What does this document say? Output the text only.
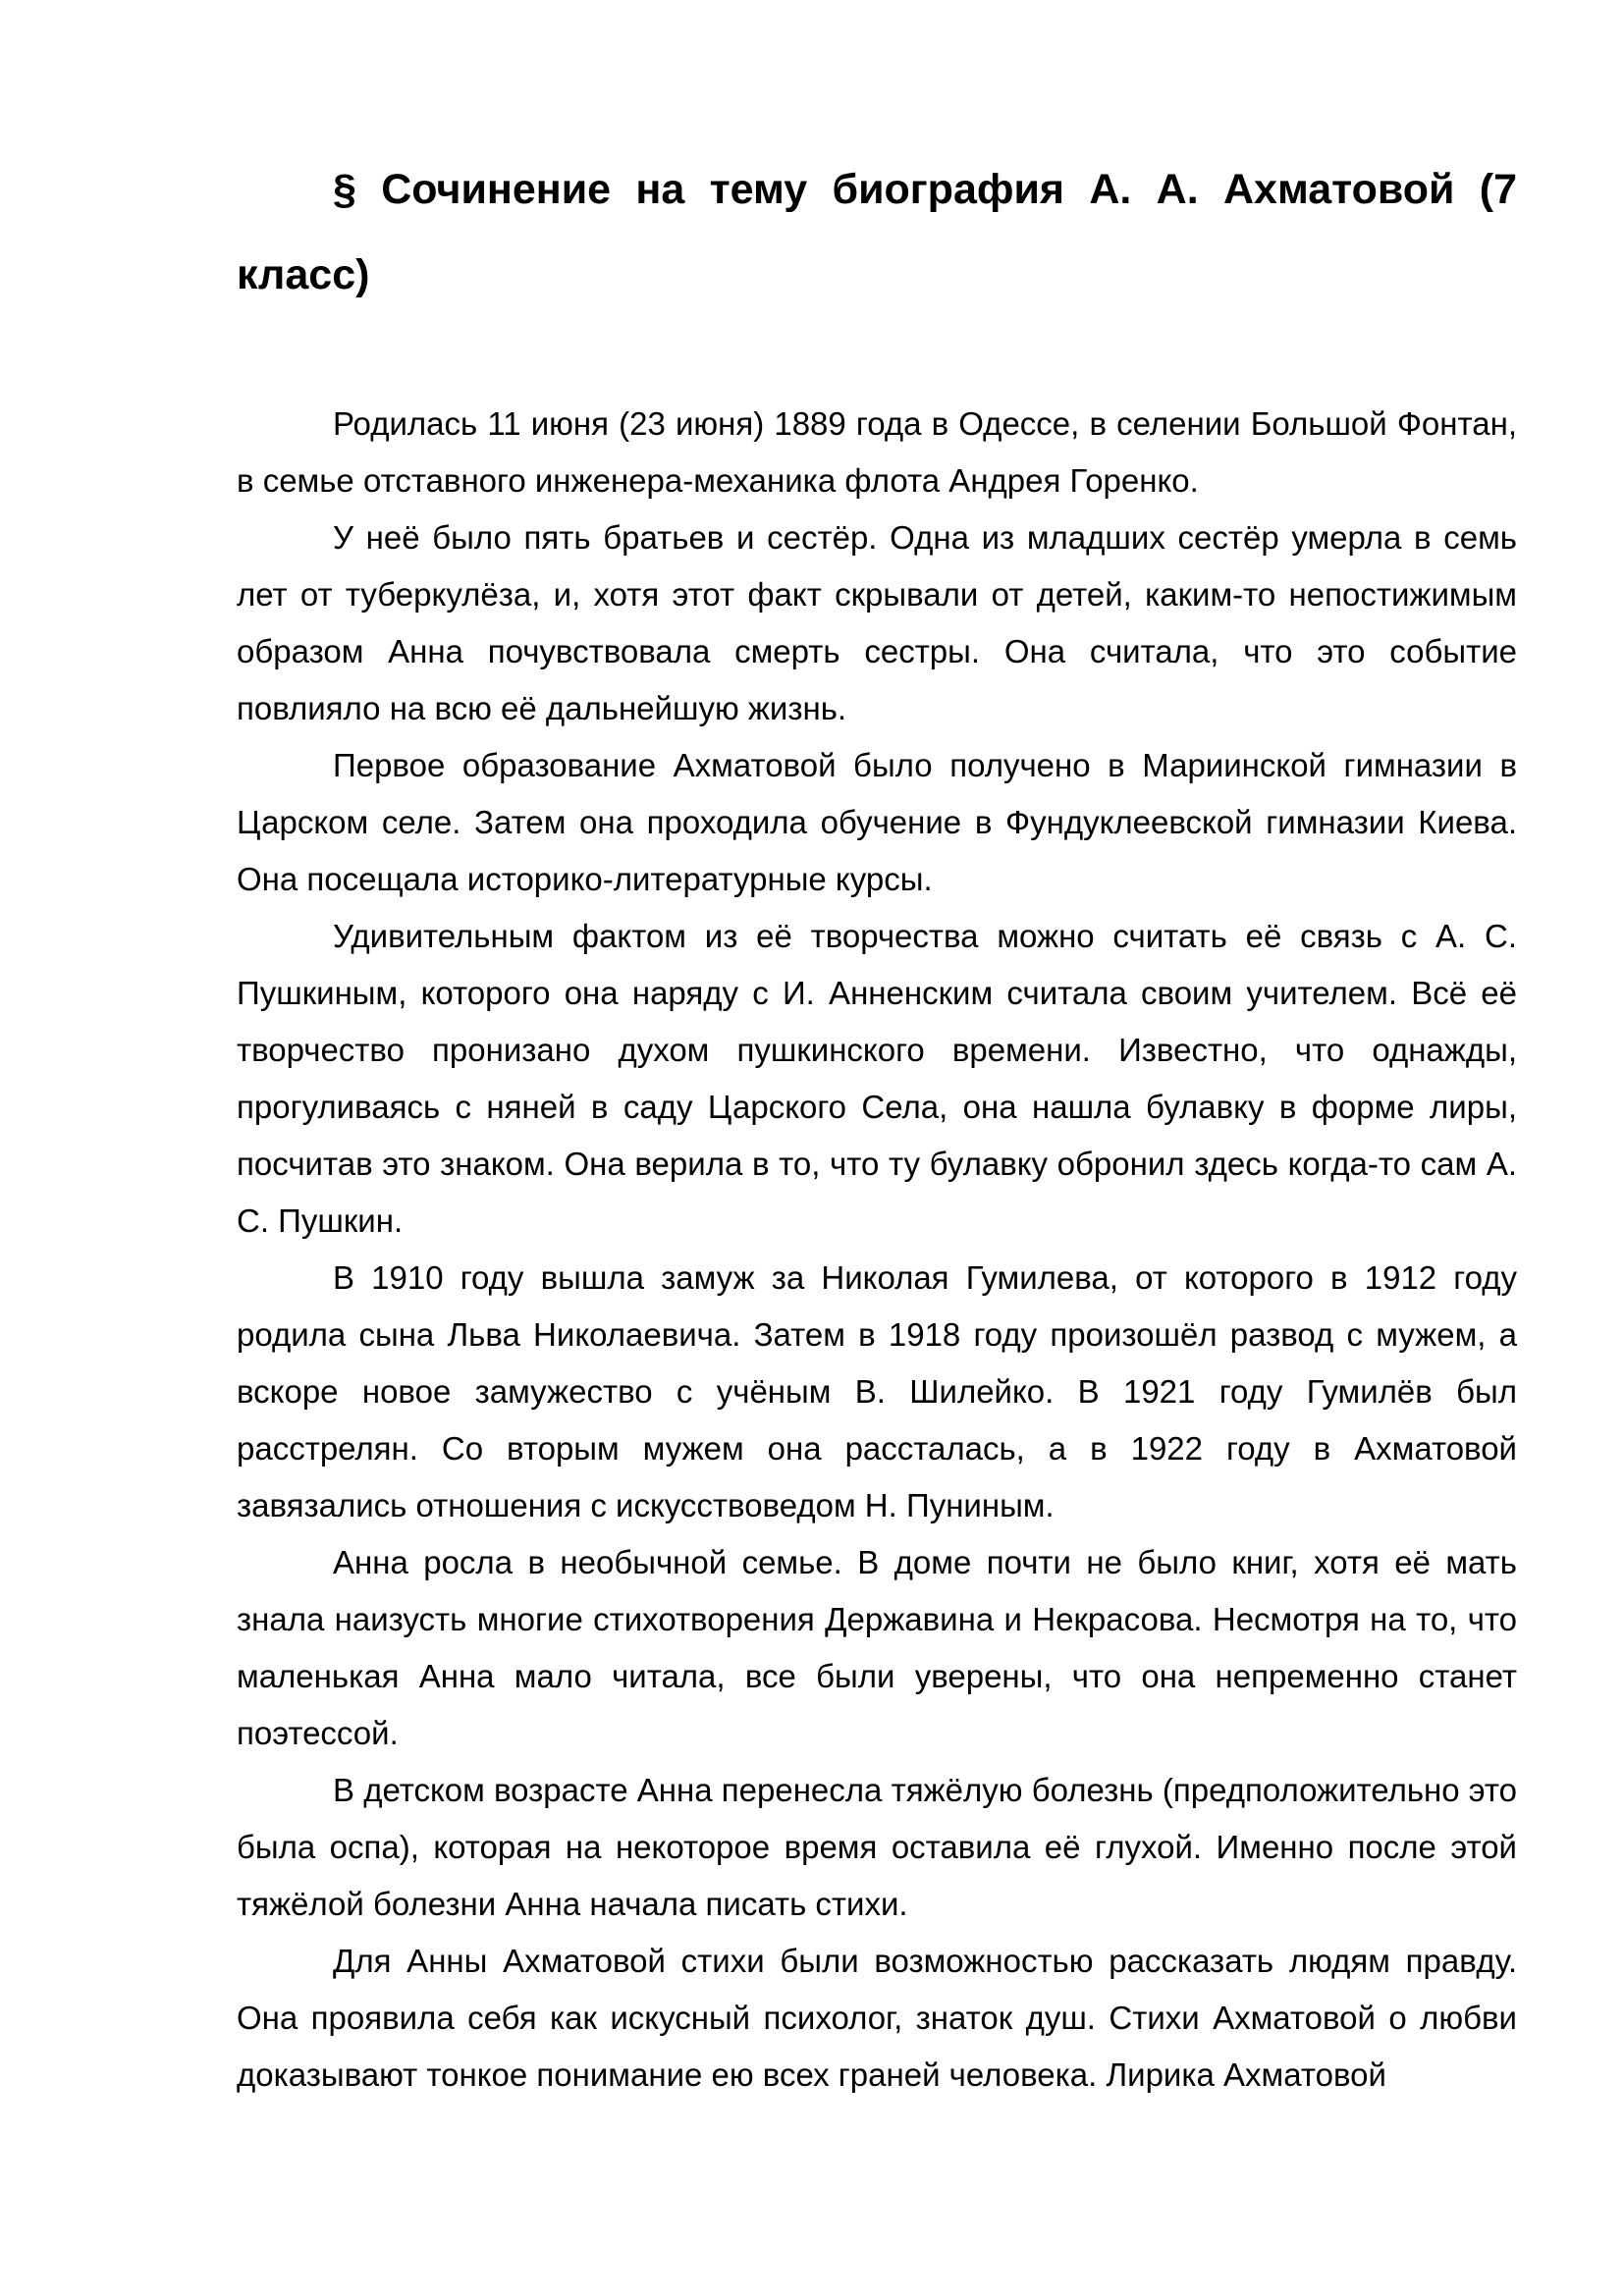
§ Сочинение на тему биография А. А. Ахматовой (7 класс)

Родилась 11 июня (23 июня) 1889 года в Одессе, в селении Большой Фонтан, в семье отставного инженера-механика флота Андрея Горенко.

У неё было пять братьев и сестёр. Одна из младших сестёр умерла в семь лет от туберкулёза, и, хотя этот факт скрывали от детей, каким-то непостижимым образом Анна почувствовала смерть сестры. Она считала, что это событие повлияло на всю её дальнейшую жизнь.

Первое образование Ахматовой было получено в Мариинской гимназии в Царском селе. Затем она проходила обучение в Фундуклеевской гимназии Киева. Она посещала историко-литературные курсы.

Удивительным фактом из её творчества можно считать её связь с А. С. Пушкиным, которого она наряду с И. Анненским считала своим учителем. Всё её творчество пронизано духом пушкинского времени. Известно, что однажды, прогуливаясь с няней в саду Царского Села, она нашла булавку в форме лиры, посчитав это знаком. Она верила в то, что ту булавку обронил здесь когда-то сам А. С. Пушкин.

В 1910 году вышла замуж за Николая Гумилева, от которого в 1912 году родила сына Льва Николаевича. Затем в 1918 году произошёл развод с мужем, а вскоре новое замужество с учёным В. Шилейко. В 1921 году Гумилёв был расстрелян. Со вторым мужем она рассталась, а в 1922 году в Ахматовой завязались отношения с искусствоведом Н. Пуниным.

Анна росла в необычной семье. В доме почти не было книг, хотя её мать знала наизусть многие стихотворения Державина и Некрасова. Несмотря на то, что маленькая Анна мало читала, все были уверены, что она непременно станет поэтессой.

В детском возрасте Анна перенесла тяжёлую болезнь (предположительно это была оспа), которая на некоторое время оставила её глухой. Именно после этой тяжёлой болезни Анна начала писать стихи.

Для Анны Ахматовой стихи были возможностью рассказать людям правду. Она проявила себя как искусный психолог, знаток душ. Стихи Ахматовой о любви доказывают тонкое понимание ею всех граней человека. Лирика Ахматовой
